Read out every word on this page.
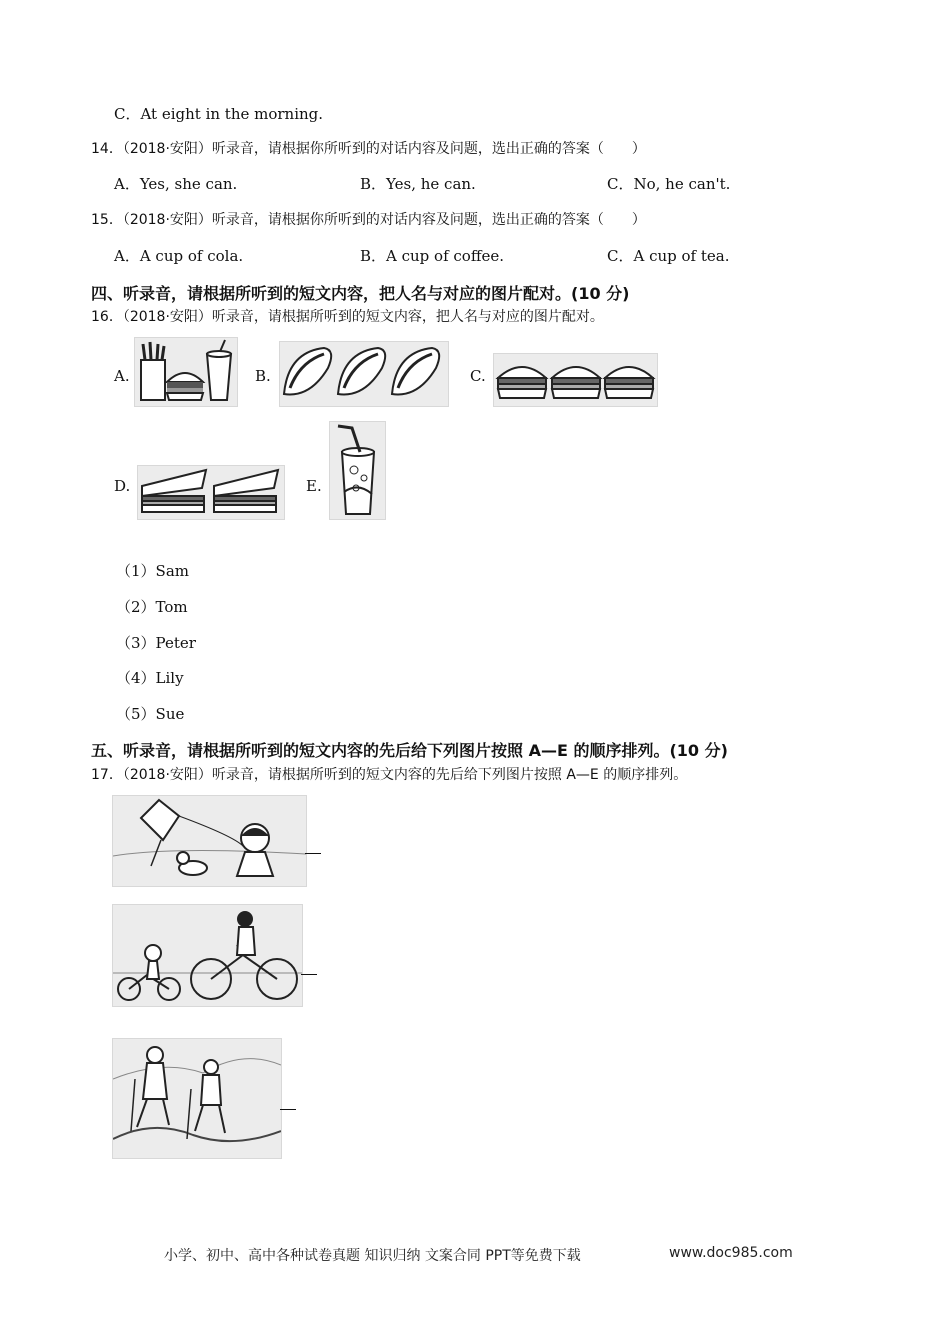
C．At eight in the morning.
14．（2018·安阳）听录音，请根据你所听到的对话内容及问题，选出正确的答案（　　）
A．Yes, she can.	B．Yes, he can.	C．No, he can't.
15．（2018·安阳）听录音，请根据你所听到的对话内容及问题，选出正确的答案（　　）
A．A cup of cola.	B．A cup of coffee.	C．A cup of tea.
四、听录音，请根据所听到的短文内容，把人名与对应的图片配对。(10 分)
16．（2018·安阳）听录音，请根据所听到的短文内容，把人名与对应的图片配对。
A.	B.	C.
D.	E.
（1）Sam
（2）Tom
（3）Peter
（4）Lily
（5）Sue
五、听录音，请根据所听到的短文内容的先后给下列图片按照 A—E 的顺序排列。(10 分)
17．（2018·安阳）听录音，请根据所听到的短文内容的先后给下列图片按照 A—E 的顺序排列。
小学、初中、高中各种试卷真题 知识归纳 文案合同 PPT等免费下载	www.doc985.com
